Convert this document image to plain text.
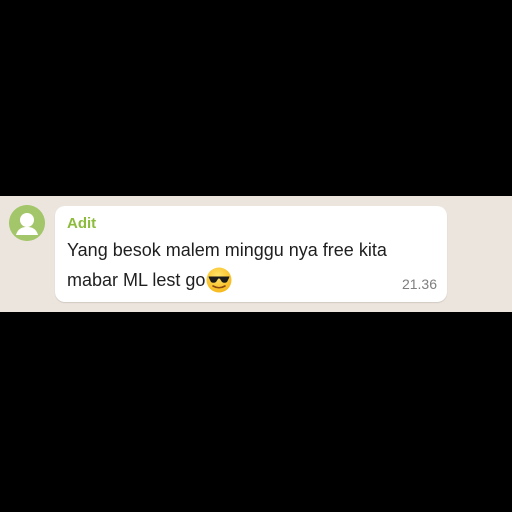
Adit
Yang besok malem minggu nya free kita mabar ML lest go	21.36
